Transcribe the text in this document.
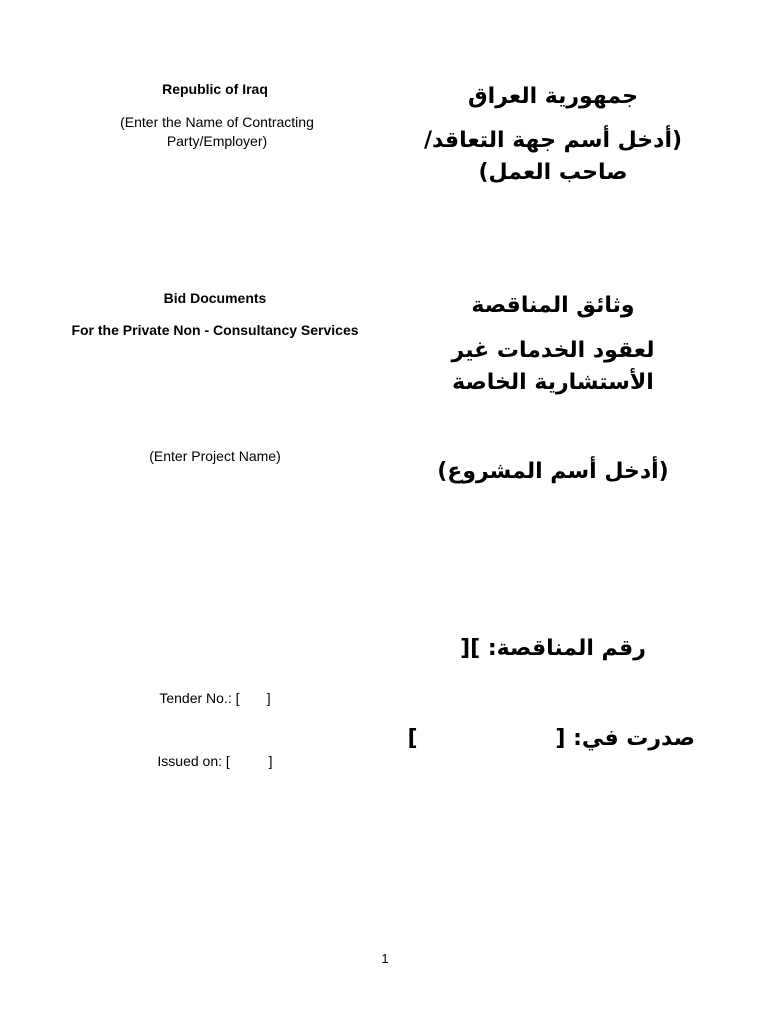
Republic of Iraq
(Enter the Name of Contracting Party/Employer)
Bid Documents
For the Private Non - Consultancy Services
(Enter Project Name)
Tender No.: [       ]
Issued on: [          ]
جمهورية العراق
(أدخل أسم جهة التعاقد/
صاحب العمل)
وثائق المناقصة
لعقود الخدمات غير
الأستشارية الخاصة
(أدخل أسم المشروع)
رقم المناقصة: ][
صدرت في: [                  ]
1
